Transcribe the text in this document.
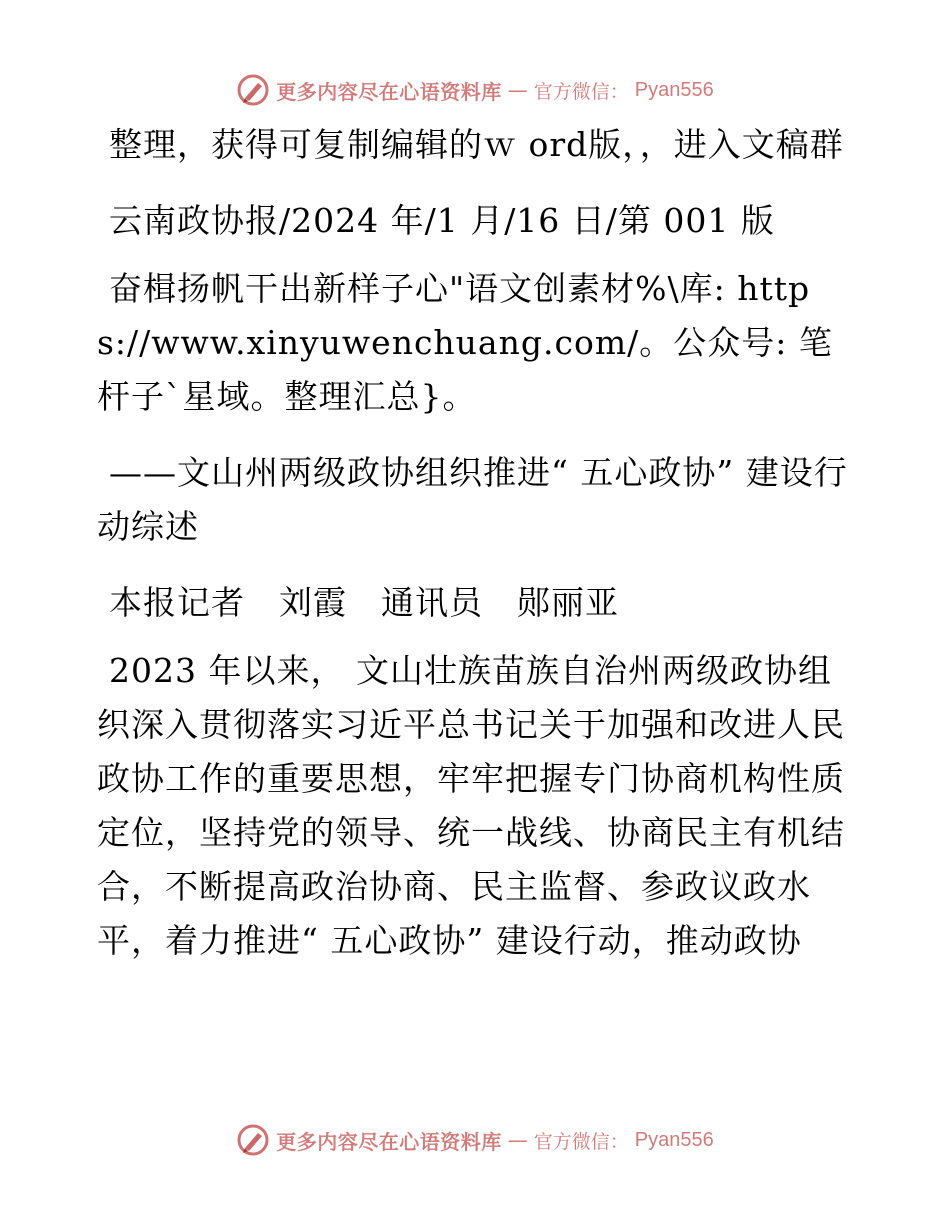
更多内容尽在心语资料库 — 官方微信： Pyan556

整理，获得可复制编辑的ｗ ord版，，进入文稿群

云南政协报/2024 年/1 月/16 日/第 001 版

奋楫扬帆干出新样子心"语文创素材%\库: https://www.xinyuwenchuang.com/。公众号: 笔杆子`星域。整理汇总}。

——文山州两级政协组织推进“ 五心政协” 建设行动综述

本报记者　刘霞　通讯员　郧丽亚

2023 年以来， 文山壮族苗族自治州两级政协组织深入贯彻落实习近平总书记关于加强和改进人民政协工作的重要思想，牢牢把握专门协商机构性质定位，坚持党的领导、统一战线、协商民主有机结合，不断提高政治协商、民主监督、参政议政水平，着力推进“ 五心政协” 建设行动，推动政协

更多内容尽在心语资料库 — 官方微信： Pyan556
